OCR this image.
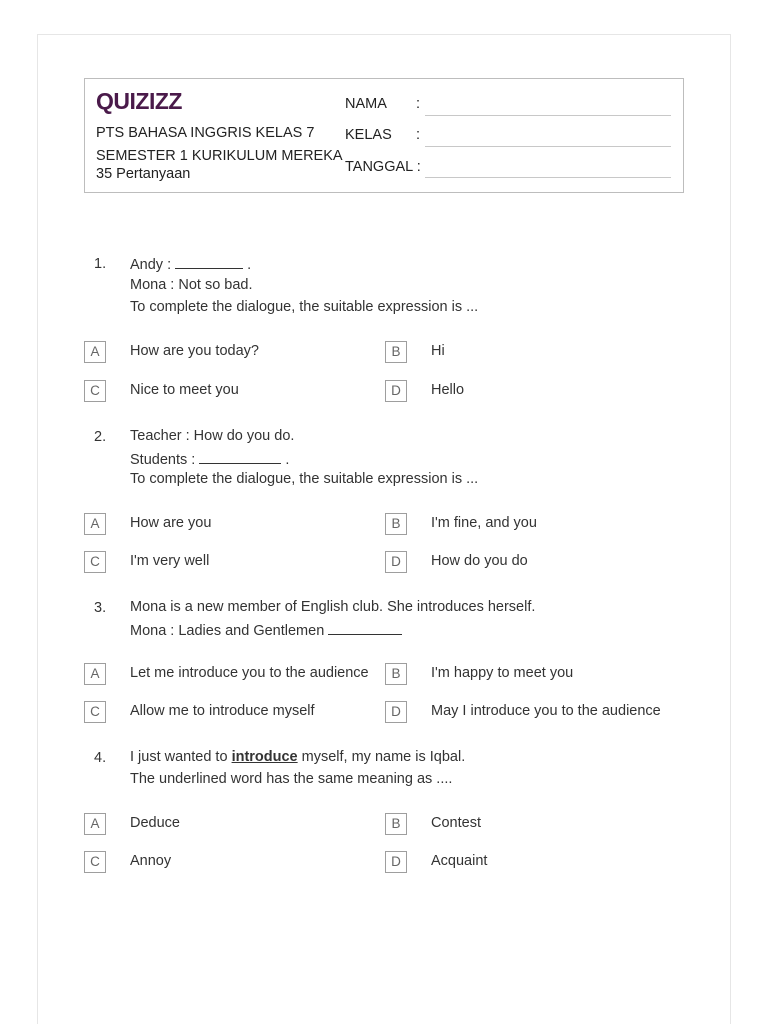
QUIZIZZ
PTS BAHASA INGGRIS KELAS 7
SEMESTER 1 KURIKULUM MEREKA
35 Pertanyaan
NAMA :
KELAS :
TANGGAL :
1. Andy :	.
Mona : Not so bad.
To complete the dialogue, the suitable expression is ...
A	How are you today?	B	Hi
C	Nice to meet you	D	Hello
2. Teacher : How do you do.
Students :	.
To complete the dialogue, the suitable expression is ...
A	How are you	B	I'm fine, and you
C	I'm very well	D	How do you do
3. Mona is a new member of English club. She introduces herself.
Mona : Ladies and Gentlemen
A	Let me introduce you to the audience	B	I'm happy to meet you
C	Allow me to introduce myself	D	May I introduce you to the audience
4. I just wanted to introduce myself, my name is Iqbal.
The underlined word has the same meaning as ....
A	Deduce	B	Contest
C	Annoy	D	Acquaint
